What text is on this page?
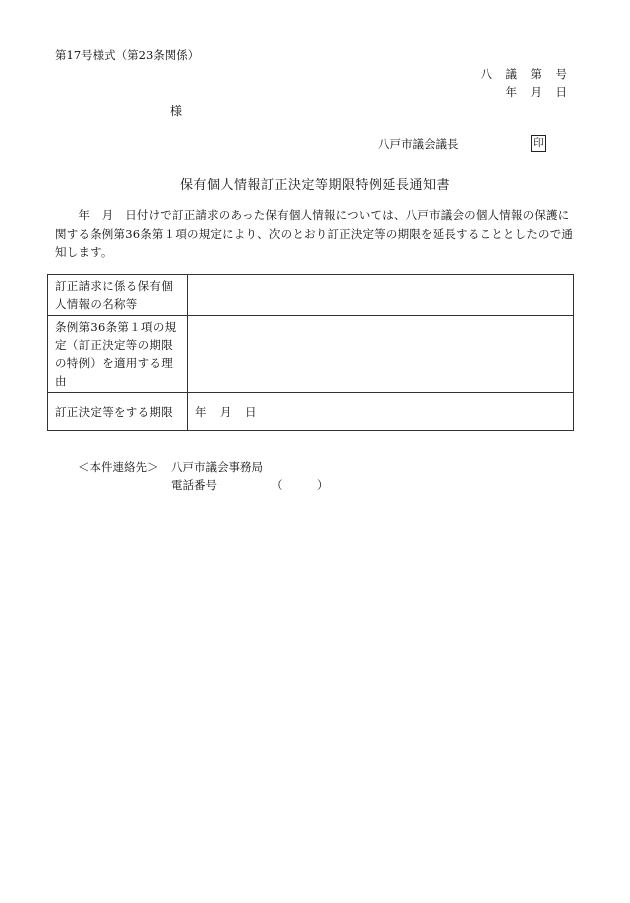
第17号様式（第23条関係）
八　議　第　号
年　月　日
様
八戸市議会議長	印
保有個人情報訂正決定等期限特例延長通知書
　　年　月　日付けで訂正請求のあった保有個人情報については、八戸市議会の個人情報の保護に
関する条例第36条第１項の規定により、次のとおり訂正決定等の期限を延長することとしたので通
知します。
訂正請求に係る保有個
人情報の名称等	

条例第36条第１項の規
定（訂正決定等の期限
の特例）を適用する理
由	

訂正決定等をする期限	年　月　日
＜本件連絡先＞ 八戸市議会事務局
電話番号	（　　　）
